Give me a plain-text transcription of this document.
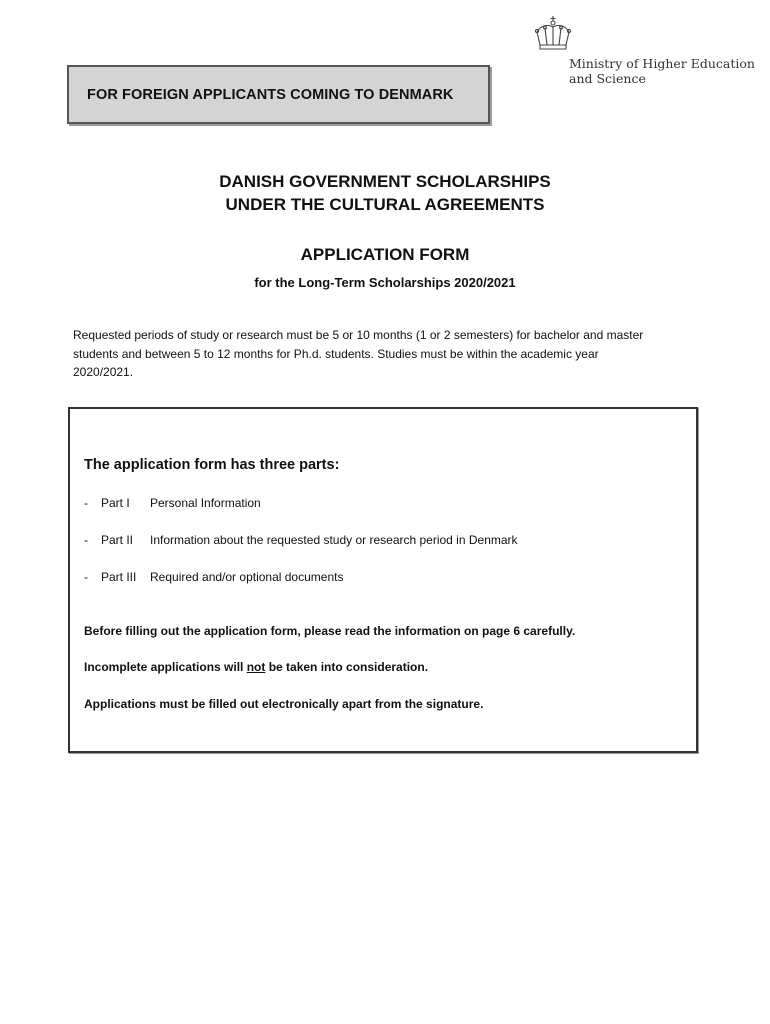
Ministry of Higher Education
and Science
FOR FOREIGN APPLICANTS COMING TO DENMARK
DANISH GOVERNMENT SCHOLARSHIPS
UNDER THE CULTURAL AGREEMENTS
APPLICATION FORM
for the Long-Term Scholarships 2020/2021
Requested periods of study or research must be 5 or 10 months (1 or 2 semesters) for bachelor and master
students and between 5 to 12 months for Ph.d. students. Studies must be within the academic year
2020/2021.
The application form has three parts:
- Part I Personal Information
- Part II Information about the requested study or research period in Denmark
- Part III Required and/or optional documents
Before filling out the application form, please read the information on page 6 carefully.
Incomplete applications will not be taken into consideration.
Applications must be filled out electronically apart from the signature.
